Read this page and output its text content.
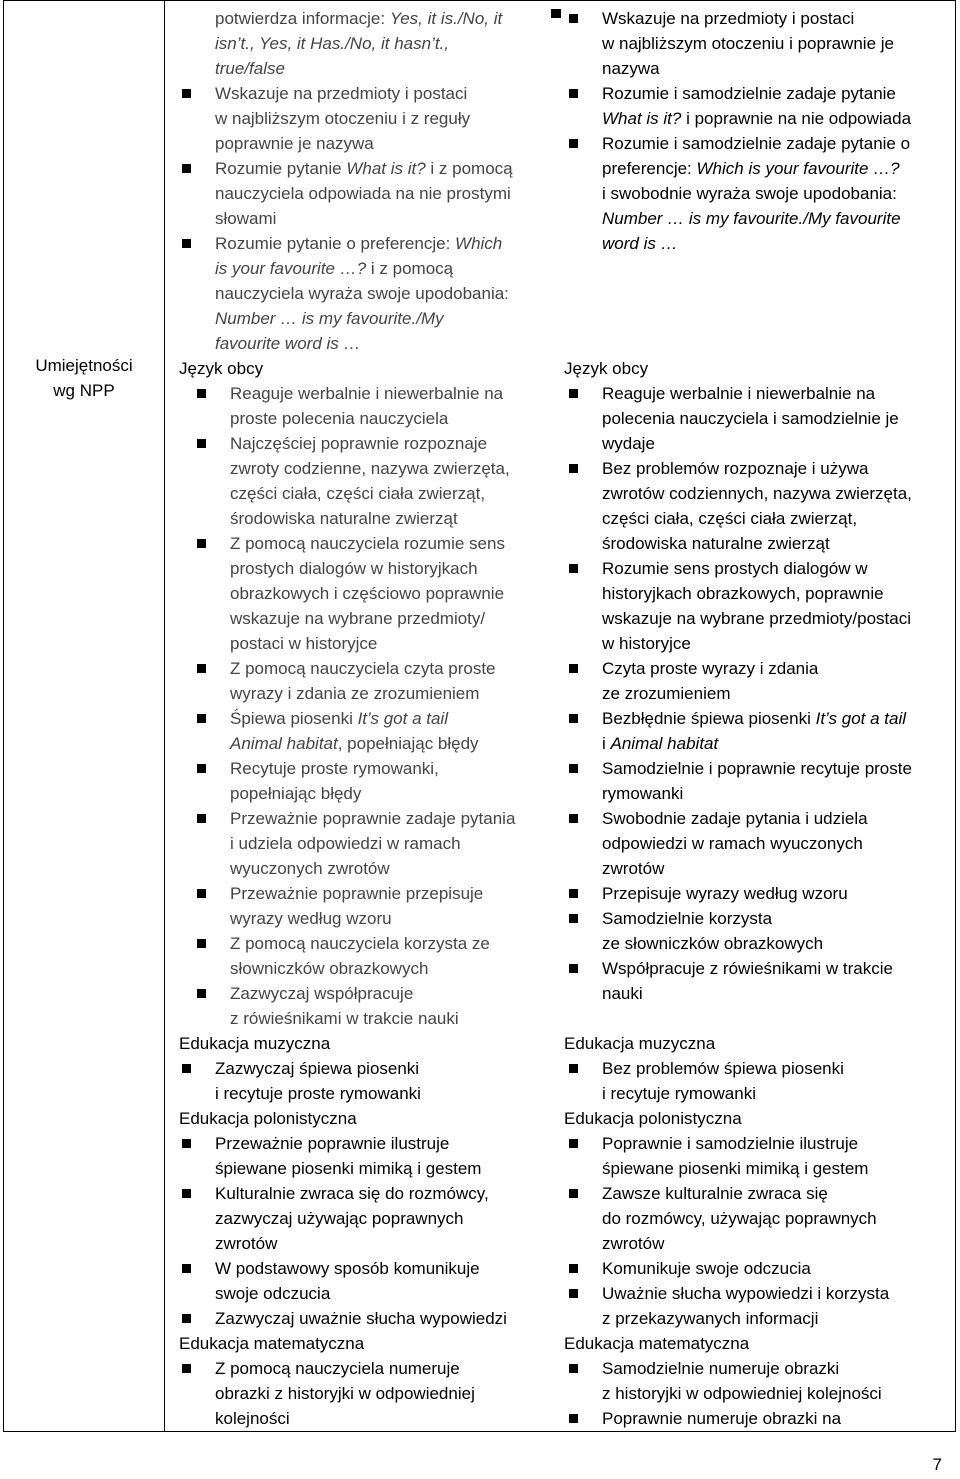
Umiejętności
wg NPP
potwierdza informacje: Yes, it is./No, it
isn’t., Yes, it Has./No, it hasn’t.,
true/false
Wskazuje na przedmioty i postaci
w najbliższym otoczeniu i z reguły
poprawnie je nazywa
Rozumie pytanie What is it? i z pomocą
nauczyciela odpowiada na nie prostymi
słowami
Rozumie pytanie o preferencje: Which
is your favourite …? i z pomocą
nauczyciela wyraża swoje upodobania:
Number … is my favourite./My
favourite word is …
Język obcy
Reaguje werbalnie i niewerbalnie na
proste polecenia nauczyciela
Najczęściej poprawnie rozpoznaje
zwroty codzienne, nazywa zwierzęta,
części ciała, części ciała zwierząt,
środowiska naturalne zwierząt
Z pomocą nauczyciela rozumie sens
prostych dialogów w historyjkach
obrazkowych i częściowo poprawnie
wskazuje na wybrane przedmioty/
postaci w historyjce
Z pomocą nauczyciela czyta proste
wyrazy i zdania ze zrozumieniem
Śpiewa piosenki It’s got a tail
Animal habitat, popełniając błędy
Recytuje proste rymowanki,
popełniając błędy
Przeważnie poprawnie zadaje pytania
i udziela odpowiedzi w ramach
wyuczonych zwrotów
Przeważnie poprawnie przepisuje
wyrazy według wzoru
Z pomocą nauczyciela korzysta ze
słowniczków obrazkowych
Zazwyczaj współpracuje
z rówieśnikami w trakcie nauki
Edukacja muzyczna
Zazwyczaj śpiewa piosenki
i recytuje proste rymowanki
Edukacja polonistyczna
Przeważnie poprawnie ilustruje
śpiewane piosenki mimiką i gestem
Kulturalnie zwraca się do rozmówcy,
zazwyczaj używając poprawnych
zwrotów
W podstawowy sposób komunikuje
swoje odczucia
Zazwyczaj uważnie słucha wypowiedzi
Edukacja matematyczna
Z pomocą nauczyciela numeruje
obrazki z historyjki w odpowiedniej
kolejności
Wskazuje na przedmioty i postaci
w najbliższym otoczeniu i poprawnie je
nazywa
Rozumie i samodzielnie zadaje pytanie
What is it? i poprawnie na nie odpowiada
Rozumie i samodzielnie zadaje pytanie o
preferencje: Which is your favourite …?
i swobodnie wyraża swoje upodobania:
Number … is my favourite./My favourite
word is …
Język obcy
Reaguje werbalnie i niewerbalnie na
polecenia nauczyciela i samodzielnie je
wydaje
Bez problemów rozpoznaje i używa
zwrotów codziennych, nazywa zwierzęta,
części ciała, części ciała zwierząt,
środowiska naturalne zwierząt
Rozumie sens prostych dialogów w
historyjkach obrazkowych, poprawnie
wskazuje na wybrane przedmioty/postaci
w historyjce
Czyta proste wyrazy i zdania
ze zrozumieniem
Bezbłędnie śpiewa piosenki It’s got a tail
i Animal habitat
Samodzielnie i poprawnie recytuje proste
rymowanki
Swobodnie zadaje pytania i udziela
odpowiedzi w ramach wyuczonych
zwrotów
Przepisuje wyrazy według wzoru
Samodzielnie korzysta
ze słowniczków obrazkowych
Współpracuje z rówieśnikami w trakcie
nauki
Edukacja muzyczna
Bez problemów śpiewa piosenki
i recytuje rymowanki
Edukacja polonistyczna
Poprawnie i samodzielnie ilustruje
śpiewane piosenki mimiką i gestem
Zawsze kulturalnie zwraca się
do rozmówcy, używając poprawnych
zwrotów
Komunikuje swoje odczucia
Uważnie słucha wypowiedzi i korzysta
z przekazywanych informacji
Edukacja matematyczna
Samodzielnie numeruje obrazki
z historyjki w odpowiedniej kolejności
Poprawnie numeruje obrazki na
7
